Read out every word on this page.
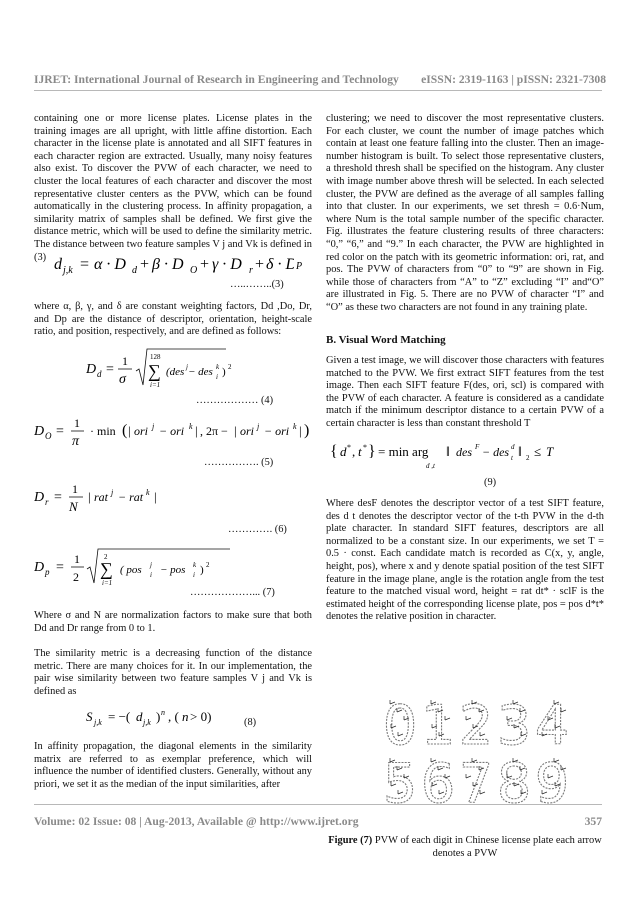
IJRET: International Journal of Research in Engineering and Technology eISSN: 2319-1163 | pISSN: 2321-7308

containing one or more license plates. License plates in the training images are all upright, with little affine distortion. Each character in the license plate is annotated and all SIFT features in each character region are extracted. Usually, many noisy features also exist. To discover the PVW of each character, we need to cluster the local features of each character and discover the most representative cluster centers as the PVW, which can be found automatically in the clustering process. In affinity propagation, a similarity matrix of samples shall be defined. We first give the distance metric, which will be used to define the similarity metric. The distance between two feature samples V j and Vk is defined in (3) d j,k = α · D d + β · D O + γ · D r + δ · D P
…..……..(3)

where α, β, γ, and δ are constant weighting factors, Dd ,Do, Dr, and Dp are the distance of descriptor, orientation, height-scale ratio, and position, respectively, and are defined as follows:

D d =
1
σ
128
∑
i=1
(des j − des k
i ) 2
……………… (4)
D O =
1
π
· min ( | ori j − ori k | , 2π − | ori j − ori k | )
……………. (5)
D r =
1
N
| rat j − rat k |
…………. (6)
D p =
1
2
2
∑
i=1
( pos j
i − pos k
i ) 2
………………... (7)

Where σ and N are normalization factors to make sure that both Dd and Dr range from 0 to 1.

The similarity metric is a decreasing function of the distance metric. There are many choices for it. In our implementation, the pair wise similarity between two feature samples V j and Vk is defined as

S j,k = −( d j,k ) n , ( n > 0)	(8)

In affinity propagation, the diagonal elements in the similarity matrix are referred to as exemplar preference, which will influence the number of identified clusters. Generally, without any priori, we set it as the median of the input similarities, after

clustering; we need to discover the most representative clusters. For each cluster, we count the number of image patches which contain at least one feature falling into the cluster. Then an image-number histogram is built. To select those representative clusters, a threshold thresh shall be specified on the histogram. Any cluster with image number above thresh will be selected. In each selected cluster, the PVW are defined as the average of all samples falling into that cluster. In our experiments, we set thresh = 0.6·Num, where Num is the total sample number of the specific character. Fig. illustrates the feature clustering results of three characters: “0,” “6,” and “9.” In each character, the PVW are highlighted in red color on the patch with its geometric information: ori, rat, and pos. The PVW of characters from “0” to “9” are shown in Fig. while those of characters from “A” to “Z” excluding “I” and“O” are illustrated in Fig. 5. There are no PVW of character “I” and “O” as these two characters are not found in any training plate.

B. Visual Word Matching

Given a test image, we will discover those characters with features matched to the PVW. We first extract SIFT features from the test image. Then each SIFT feature F(des, ori, scl) is compared with the PVW of each character. A feature is considered as a candidate match if the minimum descriptor distance to a certain PVW of a certain character is less than constant threshold T

{ d * , t * } = min arg
d ,t
‖ des F − des d
t ‖ 2 ≤ T
(9)

Where desF denotes the descriptor vector of a test SIFT feature, des d t denotes the descriptor vector of the t-th PVW in the d-th plate character. In standard SIFT features, descriptors are all normalized to be a constant size. In our experiments, we set T = 0.5 · const. Each candidate match is recorded as C(x, y, angle, height, pos), where x and y denote spatial position of the test SIFT feature in the image plane, angle is the rotation angle from the test feature to the matched visual word, height = rat dt* · sclF is the estimated height of the corresponding license plate, pos = pos d*t* denotes the relative position in character.

0 1 2 3 4
5 6 7 8 9
Figure (7) PVW of each digit in Chinese license plate each arrow denotes a PVW
Volume: 02 Issue: 08 | Aug-2013, Available @ http://www.ijret.org	357
